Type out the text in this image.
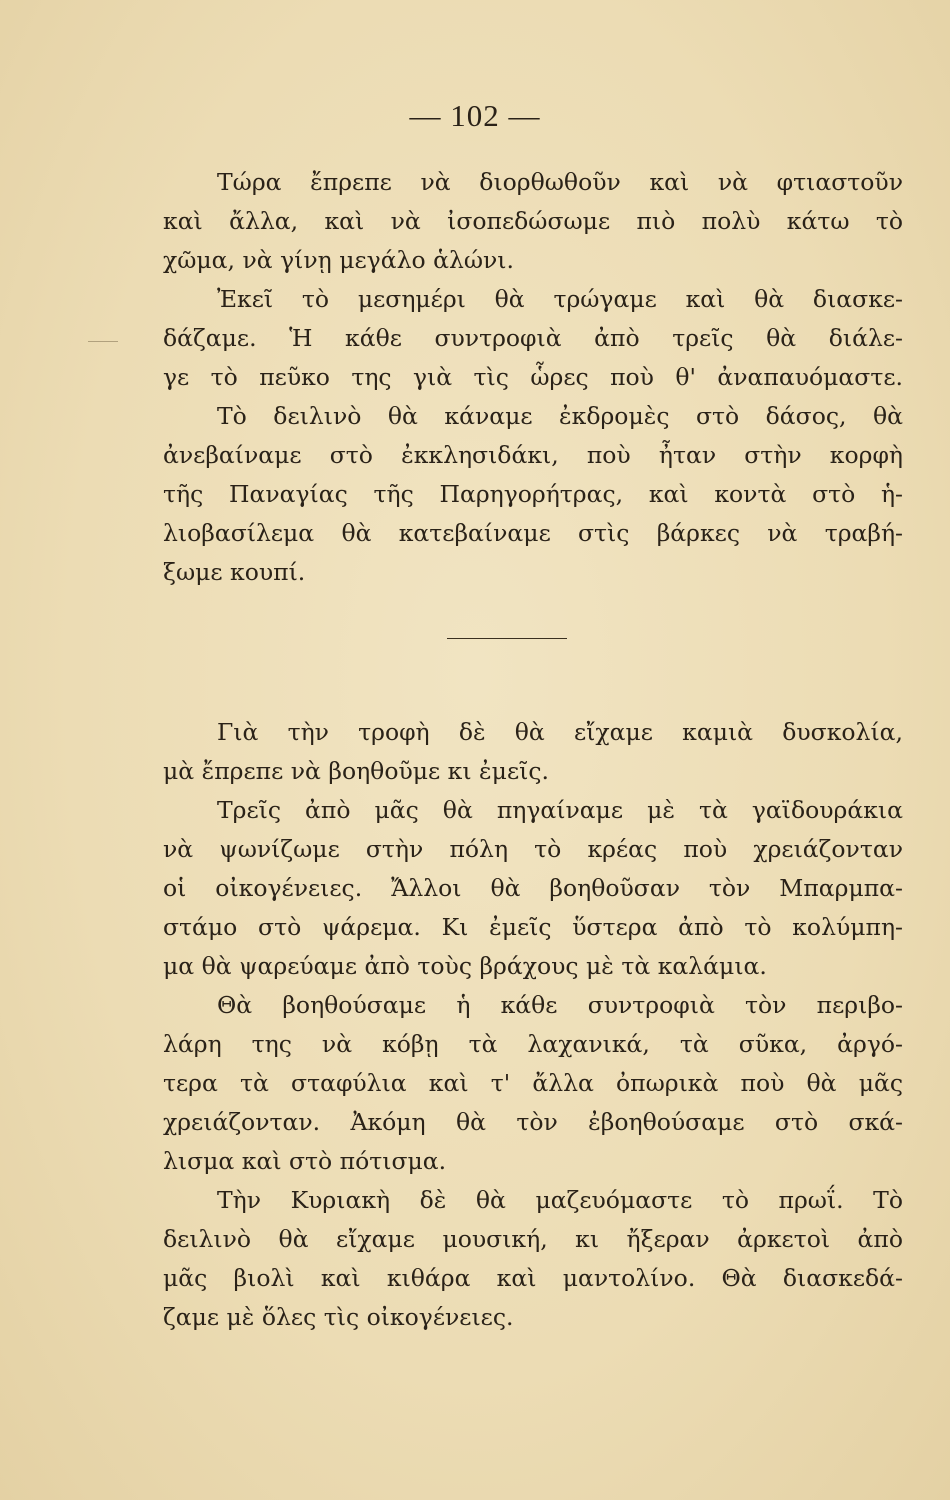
— 102 —
Τώρα ἔπρεπε νὰ διορθωθοῦν καὶ νὰ φτιαστοῦν
καὶ ἄλλα, καὶ νὰ ἰσοπεδώσωμε πιὸ πολὺ κάτω τὸ
χῶμα, νὰ γίνῃ μεγάλο ἁλώνι.
Ἐκεῖ τὸ μεσημέρι θὰ τρώγαμε καὶ θὰ διασκε-
δάζαμε. Ἡ κάθε συντροφιὰ ἀπὸ τρεῖς θὰ διάλε-
γε τὸ πεῦκο της γιὰ τὶς ὧρες ποὺ θ' ἀναπαυόμαστε.
Τὸ δειλινὸ θὰ κάναμε ἐκδρομὲς στὸ δάσος, θὰ
ἀνεβαίναμε στὸ ἐκκλησιδάκι, ποὺ ἦταν στὴν κορφὴ
τῆς Παναγίας τῆς Παρηγορήτρας, καὶ κοντὰ στὸ ἡ-
λιοβασίλεμα θὰ κατεβαίναμε στὶς βάρκες νὰ τραβή-
ξωμε κουπί.
Γιὰ τὴν τροφὴ δὲ θὰ εἴχαμε καμιὰ δυσκολία,
μὰ ἔπρεπε νὰ βοηθοῦμε κι ἐμεῖς.
Τρεῖς ἀπὸ μᾶς θὰ πηγαίναμε μὲ τὰ γαϊδουράκια
νὰ ψωνίζωμε στὴν πόλη τὸ κρέας ποὺ χρειάζονταν
οἱ οἰκογένειες. Ἄλλοι θὰ βοηθοῦσαν τὸν Μπαρμπα-
στάμο στὸ ψάρεμα. Κι ἐμεῖς ὕστερα ἀπὸ τὸ κολύμπη-
μα θὰ ψαρεύαμε ἀπὸ τοὺς βράχους μὲ τὰ καλάμια.
Θὰ βοηθούσαμε ἡ κάθε συντροφιὰ τὸν περιβο-
λάρη της νὰ κόβῃ τὰ λαχανικά, τὰ σῦκα, ἀργό-
τερα τὰ σταφύλια καὶ τ' ἄλλα ὀπωρικὰ ποὺ θὰ μᾶς
χρειάζονταν. Ἀκόμη θὰ τὸν ἐβοηθούσαμε στὸ σκά-
λισμα καὶ στὸ πότισμα.
Τὴν Κυριακὴ δὲ θὰ μαζευόμαστε τὸ πρωΐ. Τὸ
δειλινὸ θὰ εἴχαμε μουσική, κι ἤξεραν ἀρκετοὶ ἀπὸ
μᾶς βιολὶ καὶ κιθάρα καὶ μαντολίνο. Θὰ διασκεδά-
ζαμε μὲ ὅλες τὶς οἰκογένειες.
